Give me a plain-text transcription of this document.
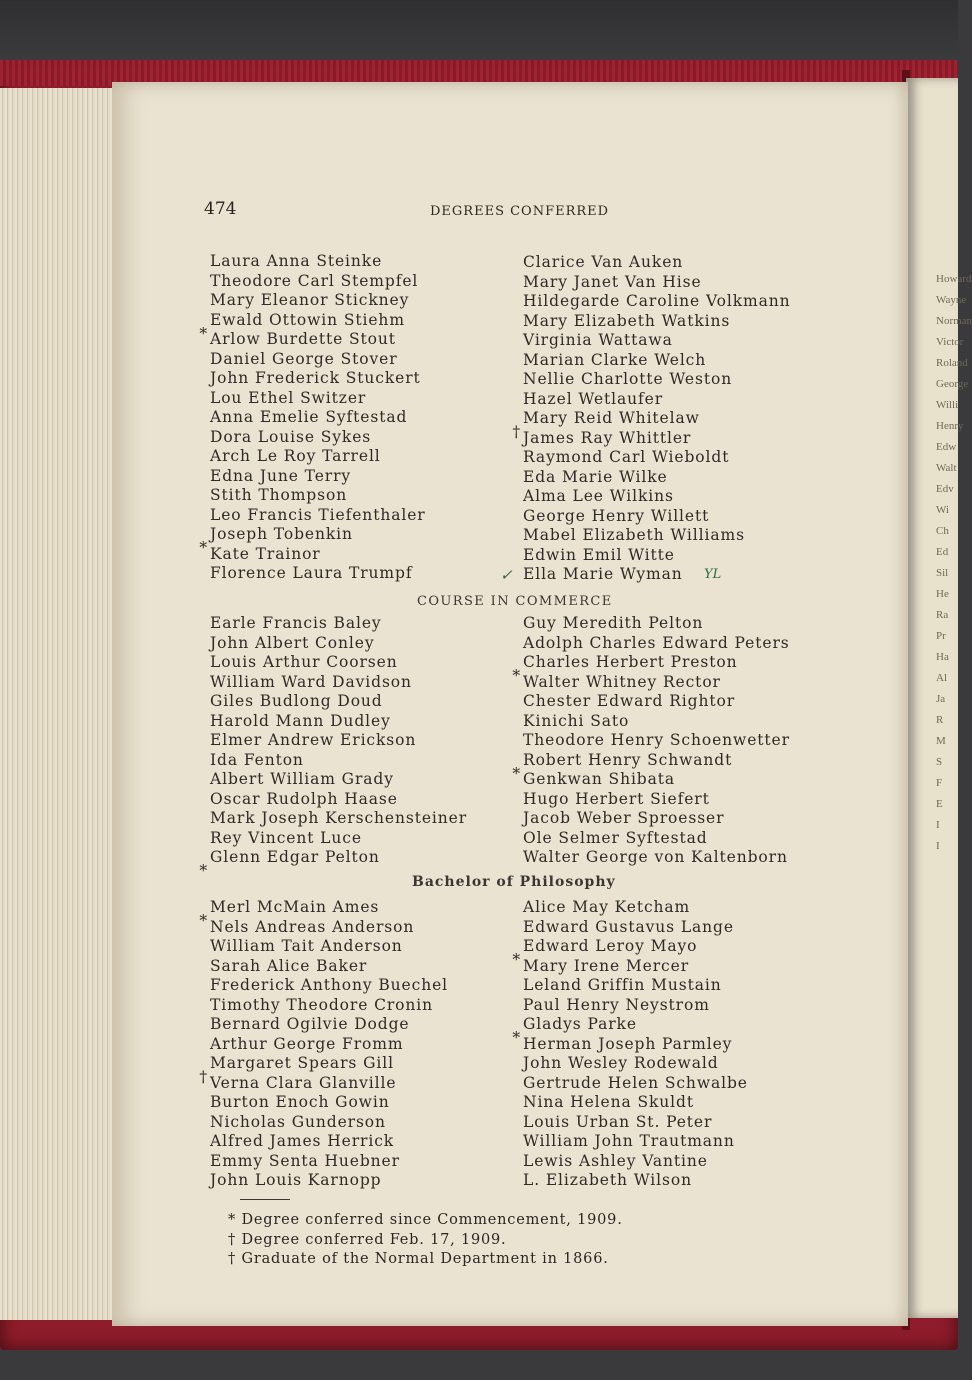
Howard
Wayne
Norman
Victor
Roland
George
Willi
Henry
Edw
Walt
Edv
Wi
Ch
Ed
Sil
He
Ra
Pr
Ha
Al
Ja
R
M
S
F
E
I
I
474	DEGREES CONFERRED
Laura Anna Steinke
Theodore Carl Stempfel
Mary Eleanor Stickney
*
Ewald Ottowin Stiehm
Arlow Burdette Stout
Daniel George Stover
John Frederick Stuckert
Lou Ethel Switzer
Anna Emelie Syftestad
Dora Louise Sykes
Arch Le Roy Tarrell
Edna June Terry
Stith Thompson
Leo Francis Tiefenthaler
*
Joseph Tobenkin
Kate Trainor
Florence Laura Trumpf
Clarice Van Auken
Mary Janet Van Hise
Hildegarde Caroline Volkmann
Mary Elizabeth Watkins
Virginia Wattawa
Marian Clarke Welch
Nellie Charlotte Weston
Hazel Wetlaufer
†
Mary Reid Whitelaw
James Ray Whittler
Raymond Carl Wieboldt
Eda Marie Wilke
Alma Lee Wilkins
George Henry Willett
Mabel Elizabeth Williams
Edwin Emil Witte
Ella Marie Wyman
✓	YL
COURSE IN COMMERCE
Earle Francis Baley
John Albert Conley
Louis Arthur Coorsen
William Ward Davidson
Giles Budlong Doud
Harold Mann Dudley
Elmer Andrew Erickson
Ida Fenton
Albert William Grady
Oscar Rudolph Haase
Mark Joseph Kerschensteiner
Rey Vincent Luce
*
Glenn Edgar Pelton
Guy Meredith Pelton
Adolph Charles Edward Peters
*
Charles Herbert Preston
Walter Whitney Rector
Chester Edward Rightor
Kinichi Sato
Theodore Henry Schoenwetter
*
Robert Henry Schwandt
Genkwan Shibata
Hugo Herbert Siefert
Jacob Weber Sproesser
Ole Selmer Syftestad
Walter George von Kaltenborn
Bachelor of Philosophy
*
Merl McMain Ames
Nels Andreas Anderson
William Tait Anderson
Sarah Alice Baker
Frederick Anthony Buechel
Timothy Theodore Cronin
Bernard Ogilvie Dodge
Arthur George Fromm
†
Margaret Spears Gill
Verna Clara Glanville
Burton Enoch Gowin
Nicholas Gunderson
Alfred James Herrick
Emmy Senta Huebner
John Louis Karnopp
Alice May Ketcham
Edward Gustavus Lange
*
Edward Leroy Mayo
Mary Irene Mercer
Leland Griffin Mustain
Paul Henry Neystrom
*
Gladys Parke
Herman Joseph Parmley
John Wesley Rodewald
Gertrude Helen Schwalbe
Nina Helena Skuldt
Louis Urban St. Peter
William John Trautmann
Lewis Ashley Vantine
L. Elizabeth Wilson
* Degree conferred since Commencement, 1909.
† Degree conferred Feb. 17, 1909.
† Graduate of the Normal Department in 1866.
